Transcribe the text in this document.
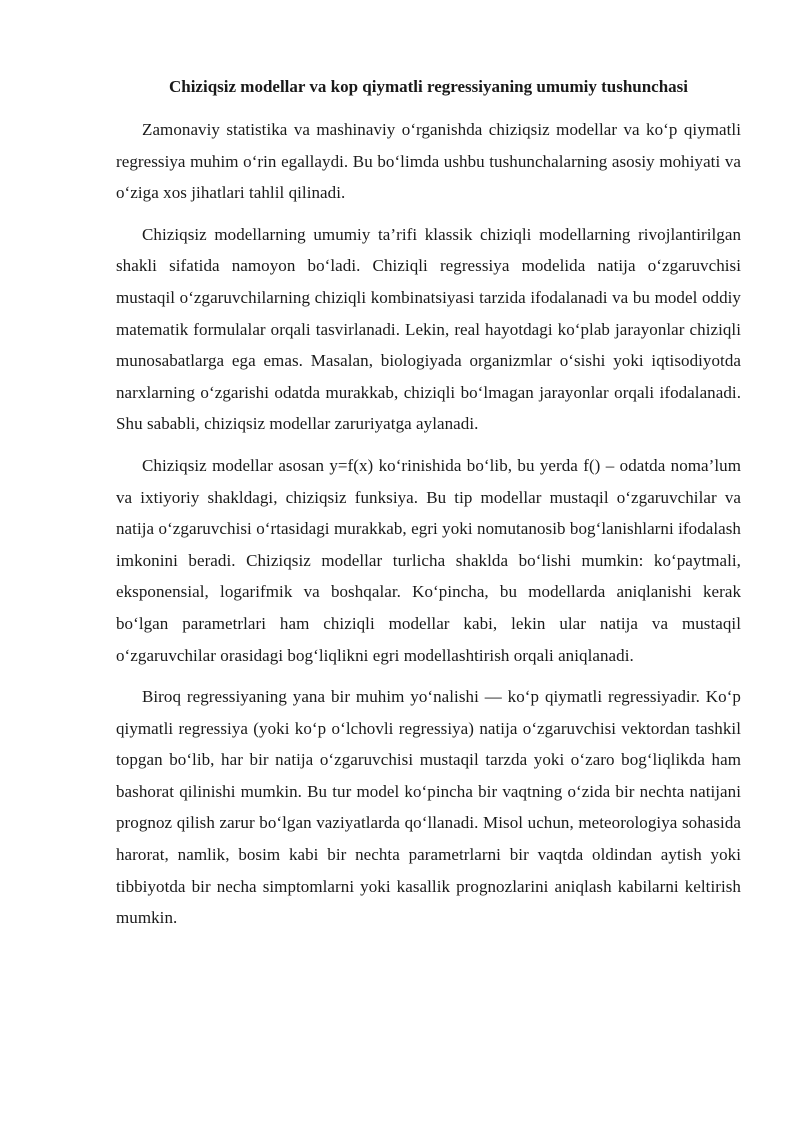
Chiziqsiz modellar va kop qiymatli regressiyaning umumiy tushunchasi

Zamonaviy statistika va mashinaviy o‘rganishda chiziqsiz modellar va ko‘p qiymatli regressiya muhim o‘rin egallaydi. Bu bo‘limda ushbu tushunchalarning asosiy mohiyati va o‘ziga xos jihatlari tahlil qilinadi.

Chiziqsiz modellarning umumiy ta’rifi klassik chiziqli modellarning rivojlantirilgan shakli sifatida namoyon bo‘ladi. Chiziqli regressiya modelida natija o‘zgaruvchisi mustaqil o‘zgaruvchilarning chiziqli kombinatsiyasi tarzida ifodalanadi va bu model oddiy matematik formulalar orqali tasvirlanadi. Lekin, real hayotdagi ko‘plab jarayonlar chiziqli munosabatlarga ega emas. Masalan, biologiyada organizmlar o‘sishi yoki iqtisodiyotda narxlarning o‘zgarishi odatda murakkab, chiziqli bo‘lmagan jarayonlar orqali ifodalanadi. Shu sababli, chiziqsiz modellar zaruriyatga aylanadi.

Chiziqsiz modellar asosan y=f(x) ko‘rinishida bo‘lib, bu yerda f() – odatda noma’lum va ixtiyoriy shakldagi, chiziqsiz funksiya. Bu tip modellar mustaqil o‘zgaruvchilar va natija o‘zgaruvchisi o‘rtasidagi murakkab, egri yoki nomutanosib bog‘lanishlarni ifodalash imkonini beradi. Chiziqsiz modellar turlicha shaklda bo‘lishi mumkin: ko‘paytmali, eksponensial, logarifmik va boshqalar. Ko‘pincha, bu modellarda aniqlanishi kerak bo‘lgan parametrlari ham chiziqli modellar kabi, lekin ular natija va mustaqil o‘zgaruvchilar orasidagi bog‘liqlikni egri modellashtirish orqali aniqlanadi.

Biroq regressiyaning yana bir muhim yo‘nalishi — ko‘p qiymatli regressiyadir. Ko‘p qiymatli regressiya (yoki ko‘p o‘lchovli regressiya) natija o‘zgaruvchisi vektordan tashkil topgan bo‘lib, har bir natija o‘zgaruvchisi mustaqil tarzda yoki o‘zaro bog‘liqlikda ham bashorat qilinishi mumkin. Bu tur model ko‘pincha bir vaqtning o‘zida bir nechta natijani prognoz qilish zarur bo‘lgan vaziyatlarda qo‘llanadi. Misol uchun, meteorologiya sohasida harorat, namlik, bosim kabi bir nechta parametrlarni bir vaqtda oldindan aytish yoki tibbiyotda bir necha simptomlarni yoki kasallik prognozlarini aniqlash kabilarni keltirish mumkin.
